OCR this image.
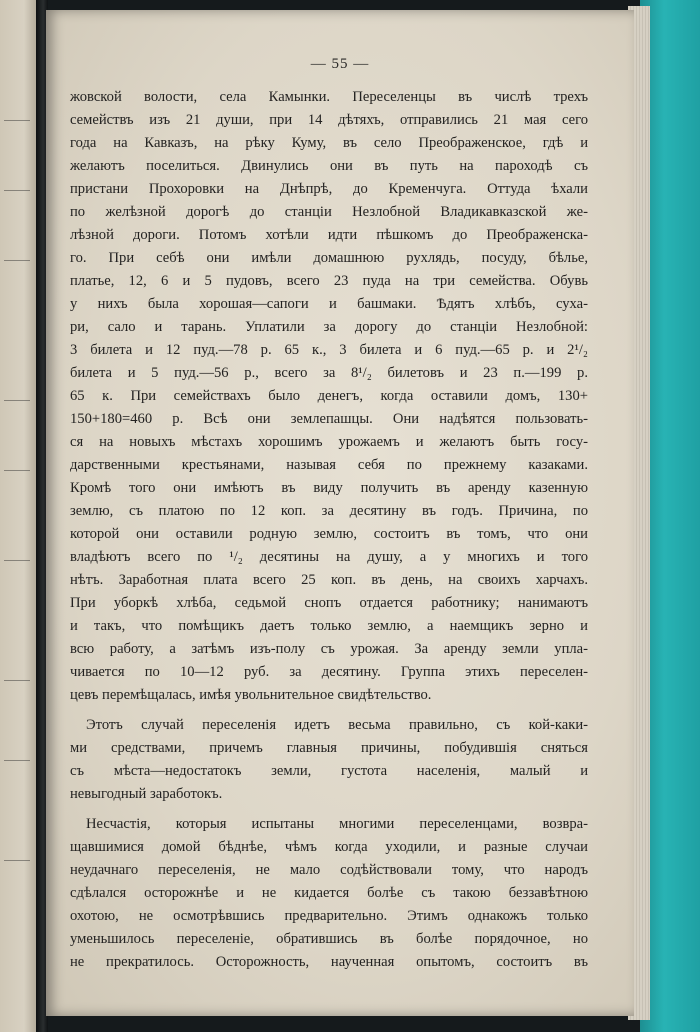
— 55 —
жовской волости, села Камынки. Переселенцы въ числѣ трехъ
семействъ изъ 21 души, при 14 дѣтяхъ, отправились 21 мая сего
года на Кавказъ, на рѣку Куму, въ село Преображенское, гдѣ и
желаютъ поселиться. Двинулись они въ путь на пароходѣ съ
пристани Прохоровки на Днѣпрѣ, до Кременчуга. Оттуда ѣхали
по желѣзной дорогѣ до станціи Незлобной Владикавказской же-
лѣзной дороги. Потомъ хотѣли идти пѣшкомъ до Преображенска-
го. При себѣ они имѣли домашнюю рухлядь, посуду, бѣлье,
платье, 12, 6 и 5 пудовъ, всего 23 пуда на три семейства. Обувь
у нихъ была хорошая—сапоги и башмаки. Ѣдятъ хлѣбъ, суха-
ри, сало и тарань. Уплатили за дорогу до станціи Незлобной:
3 билета и 12 пуд.—78 р. 65 к., 3 билета и 6 пуд.—65 р. и 2¹/₂
билета и 5 пуд.—56 р., всего за 8¹/₂ билетовъ и 23 п.—199 р.
65 к. При семействахъ было денегъ, когда оставили домъ, 130+
150+180=460 р. Всѣ они землепашцы. Они надѣятся пользовать-
ся на новыхъ мѣстахъ хорошимъ урожаемъ и желаютъ быть госу-
дарственными крестьянами, называя себя по прежнему казаками.
Кромѣ того они имѣютъ въ виду получить въ аренду казенную
землю, съ платою по 12 коп. за десятину въ годъ. Причина, по
которой они оставили родную землю, состоитъ въ томъ, что они
владѣютъ всего по ¹/₂ десятины на душу, а у многихъ и того
нѣтъ. Заработная плата всего 25 коп. въ день, на своихъ харчахъ.
При уборкѣ хлѣба, седьмой снопъ отдается работнику; нанимаютъ
и такъ, что помѣщикъ даетъ только землю, а наемщикъ зерно и
всю работу, а затѣмъ изъ-полу съ урожая. За аренду земли упла-
чивается по 10—12 руб. за десятину. Группа этихъ переселен-
цевъ перемѣщалась, имѣя увольнительное свидѣтельство.
Этотъ случай переселенія идетъ весьма правильно, съ кой-каки-
ми средствами, причемъ главныя причины, побудившія сняться
съ мѣста—недостатокъ земли, густота населенія, малый и
невыгодный заработокъ.
Несчастія, которыя испытаны многими переселенцами, возвра-
щавшимися домой бѣднѣе, чѣмъ когда уходили, и разные случаи
неудачнаго переселенія, не мало содѣйствовали тому, что народъ
сдѣлался осторожнѣе и не кидается болѣе съ такою беззавѣтною
охотою, не осмотрѣвшись предварительно. Этимъ однакожъ только
уменьшилось переселеніе, обратившись въ болѣе порядочное, но
не прекратилось. Осторожность, наученная опытомъ, состоитъ въ
